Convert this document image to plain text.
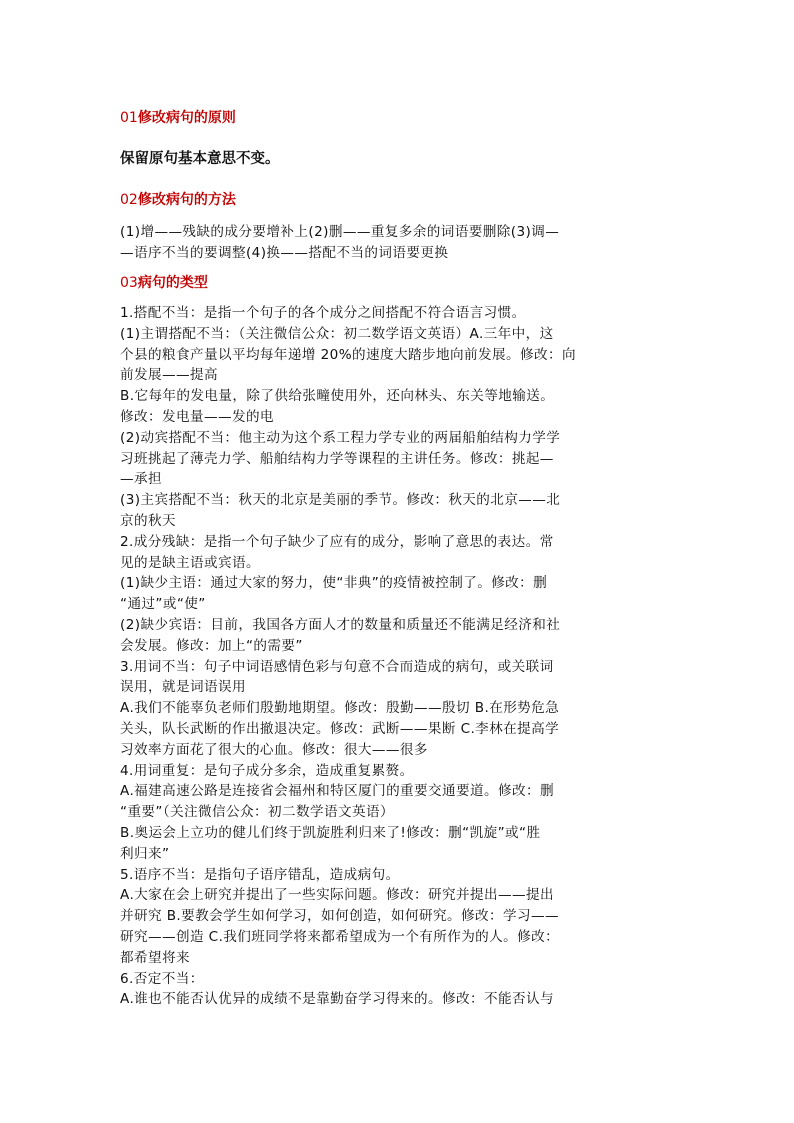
01修改病句的原则
保留原句基本意思不变。
02修改病句的方法
(1)增——残缺的成分要增补上(2)删——重复多余的词语要删除(3)调—
—语序不当的要调整(4)换——搭配不当的词语要更换
03病句的类型
1.搭配不当：是指一个句子的各个成分之间搭配不符合语言习惯。
(1)主谓搭配不当：（关注微信公众：初二数学语文英语）A.三年中，这
个县的粮食产量以平均每年递增 20%的速度大踏步地向前发展。修改：向
前发展——提高
B.它每年的发电量，除了供给张疃使用外，还向林头、东关等地输送。
修改：发电量——发的电
(2)动宾搭配不当：他主动为这个系工程力学专业的两届船舶结构力学学
习班挑起了薄壳力学、船舶结构力学等课程的主讲任务。修改：挑起—
—承担
(3)主宾搭配不当：秋天的北京是美丽的季节。修改：秋天的北京——北
京的秋天
2.成分残缺：是指一个句子缺少了应有的成分，影响了意思的表达。常
见的是缺主语或宾语。
(1)缺少主语：通过大家的努力，使“非典”的疫情被控制了。修改：删
“通过”或“使”
(2)缺少宾语：目前，我国各方面人才的数量和质量还不能满足经济和社
会发展。修改：加上“的需要”
3.用词不当：句子中词语感情色彩与句意不合而造成的病句，或关联词
误用，就是词语误用
A.我们不能辜负老师们殷勤地期望。修改：殷勤——殷切 B.在形势危急
关头，队长武断的作出撤退决定。修改：武断——果断 C.李林在提高学
习效率方面花了很大的心血。修改：很大——很多
4.用词重复：是句子成分多余，造成重复累赘。
A.福建高速公路是连接省会福州和特区厦门的重要交通要道。修改：删
“重要”（关注微信公众：初二数学语文英语）
B.奥运会上立功的健儿们终于凯旋胜利归来了!修改：删“凯旋”或“胜
利归来”
5.语序不当：是指句子语序错乱，造成病句。
A.大家在会上研究并提出了一些实际问题。修改：研究并提出——提出
并研究 B.要教会学生如何学习，如何创造，如何研究。修改：学习——
研究——创造 C.我们班同学将来都希望成为一个有所作为的人。修改：
都希望将来
6.否定不当：
A.谁也不能否认优异的成绩不是靠勤奋学习得来的。修改：不能否认与
